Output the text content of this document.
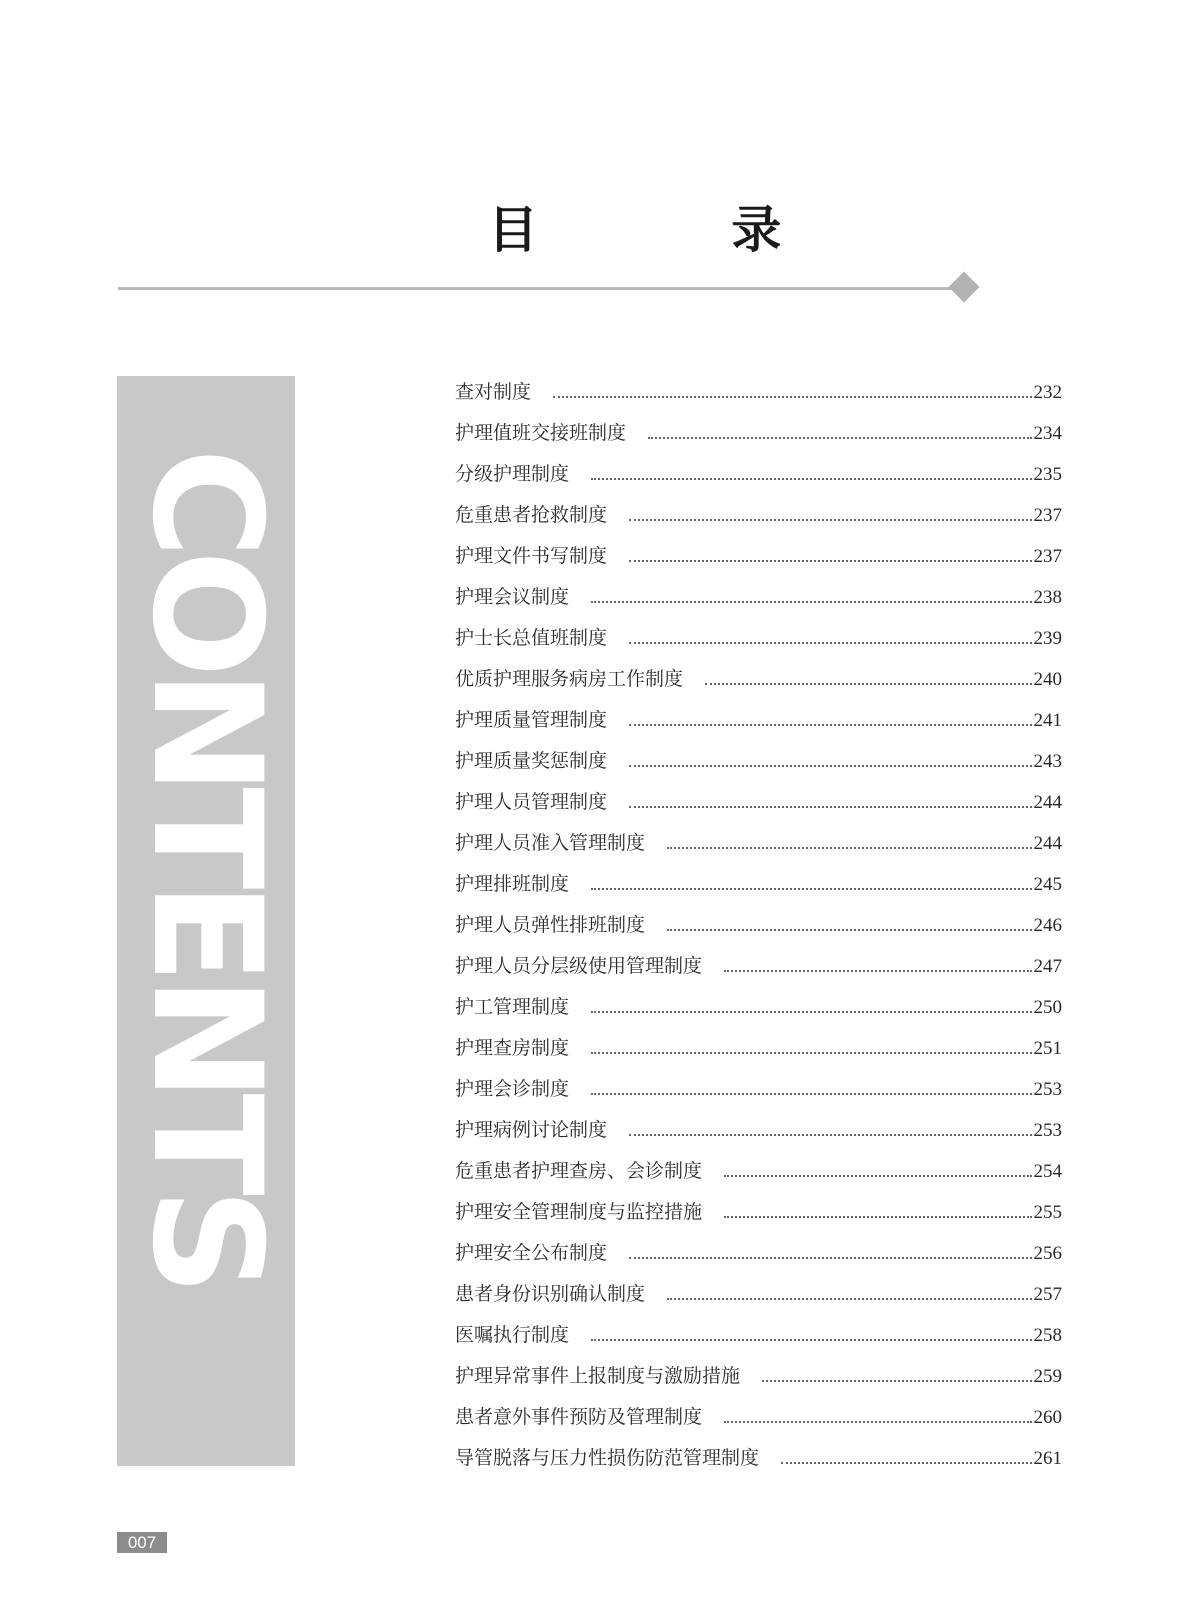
目 录
CONTENTS
查对制度	232
护理值班交接班制度	234
分级护理制度	235
危重患者抢救制度	237
护理文件书写制度	237
护理会议制度	238
护士长总值班制度	239
优质护理服务病房工作制度	240
护理质量管理制度	241
护理质量奖惩制度	243
护理人员管理制度	244
护理人员准入管理制度	244
护理排班制度	245
护理人员弹性排班制度	246
护理人员分层级使用管理制度	247
护工管理制度	250
护理查房制度	251
护理会诊制度	253
护理病例讨论制度	253
危重患者护理查房、会诊制度	254
护理安全管理制度与监控措施	255
护理安全公布制度	256
患者身份识别确认制度	257
医嘱执行制度	258
护理异常事件上报制度与激励措施	259
患者意外事件预防及管理制度	260
导管脱落与压力性损伤防范管理制度	261
007
